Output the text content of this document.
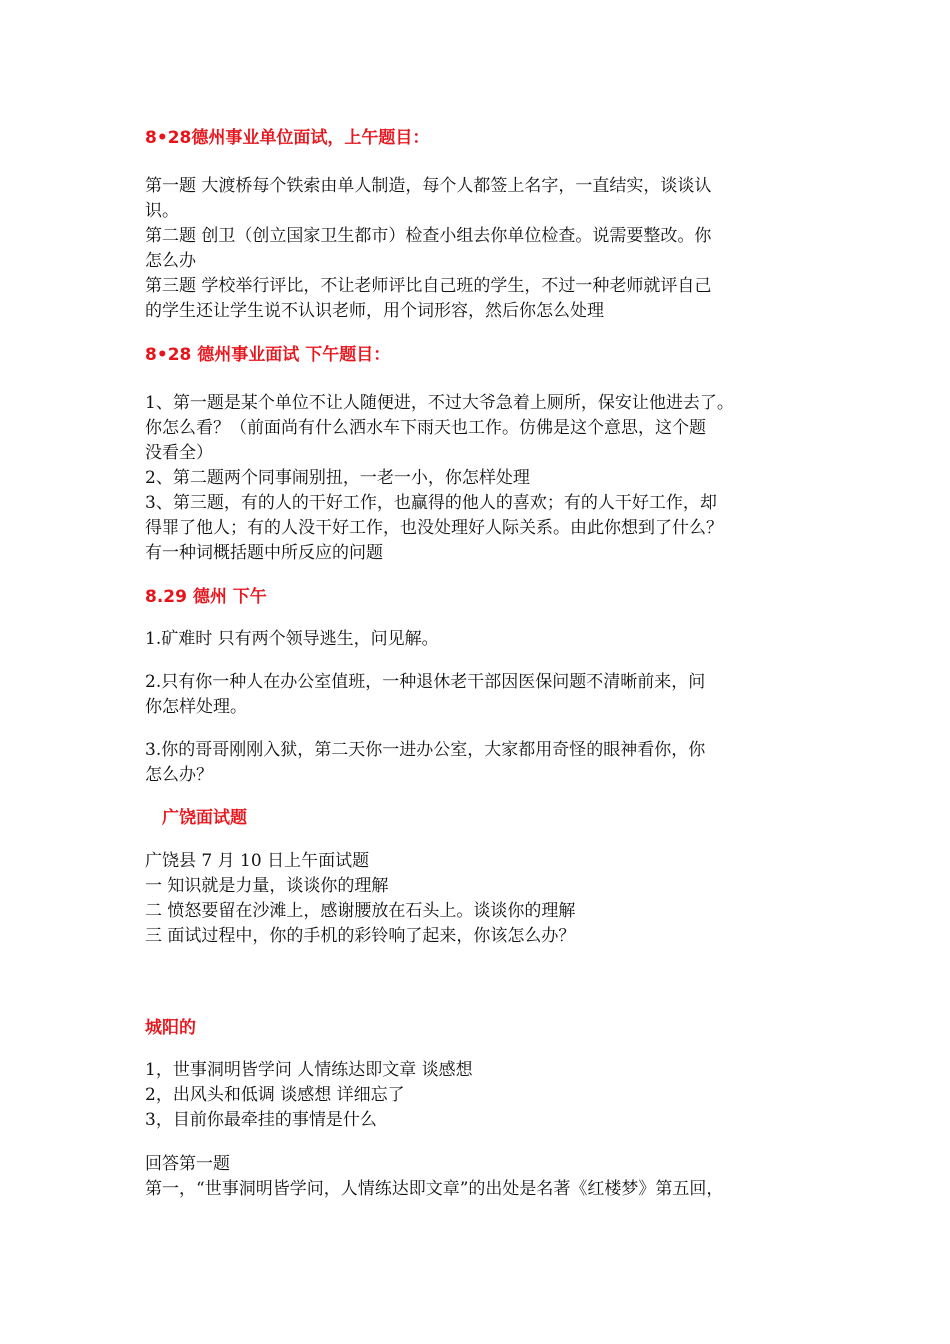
8•28德州事业单位面试，上午题目：

第一题 大渡桥每个铁索由单人制造，每个人都签上名字，一直结实，谈谈认

识。

第二题 创卫（创立国家卫生都市）检查小组去你单位检查。说需要整改。你

怎么办

第三题 学校举行评比，不让老师评比自己班的学生，不过一种老师就评自己

的学生还让学生说不认识老师，用个词形容，然后你怎么处理

8•28 德州事业面试 下午题目：

1、第一题是某个单位不让人随便进，不过大爷急着上厕所，保安让他进去了。

你怎么看？（前面尚有什么洒水车下雨天也工作。仿佛是这个意思，这个题

没看全）

2、第二题两个同事闹别扭，一老一小，你怎样处理

3、第三题，有的人的干好工作，也赢得的他人的喜欢；有的人干好工作，却

得罪了他人；有的人没干好工作，也没处理好人际关系。由此你想到了什么？

有一种词概括题中所反应的问题

8.29 德州 下午

1.矿难时 只有两个领导逃生，问见解。

2.只有你一种人在办公室值班，一种退休老干部因医保问题不清晰前来，问

你怎样处理。

3.你的哥哥刚刚入狱，第二天你一进办公室，大家都用奇怪的眼神看你，你

怎么办？

广饶面试题

广饶县 7 月 10 日上午面试题

一 知识就是力量，谈谈你的理解

二 愤怒要留在沙滩上，感谢腰放在石头上。谈谈你的理解

三 面试过程中，你的手机的彩铃响了起来，你该怎么办？

城阳的

1，世事洞明皆学问 人情练达即文章 谈感想

2，出风头和低调 谈感想 详细忘了

3，目前你最牵挂的事情是什么

回答第一题

第一，“世事洞明皆学问，人情练达即文章”的出处是名著《红楼梦》第五回，
